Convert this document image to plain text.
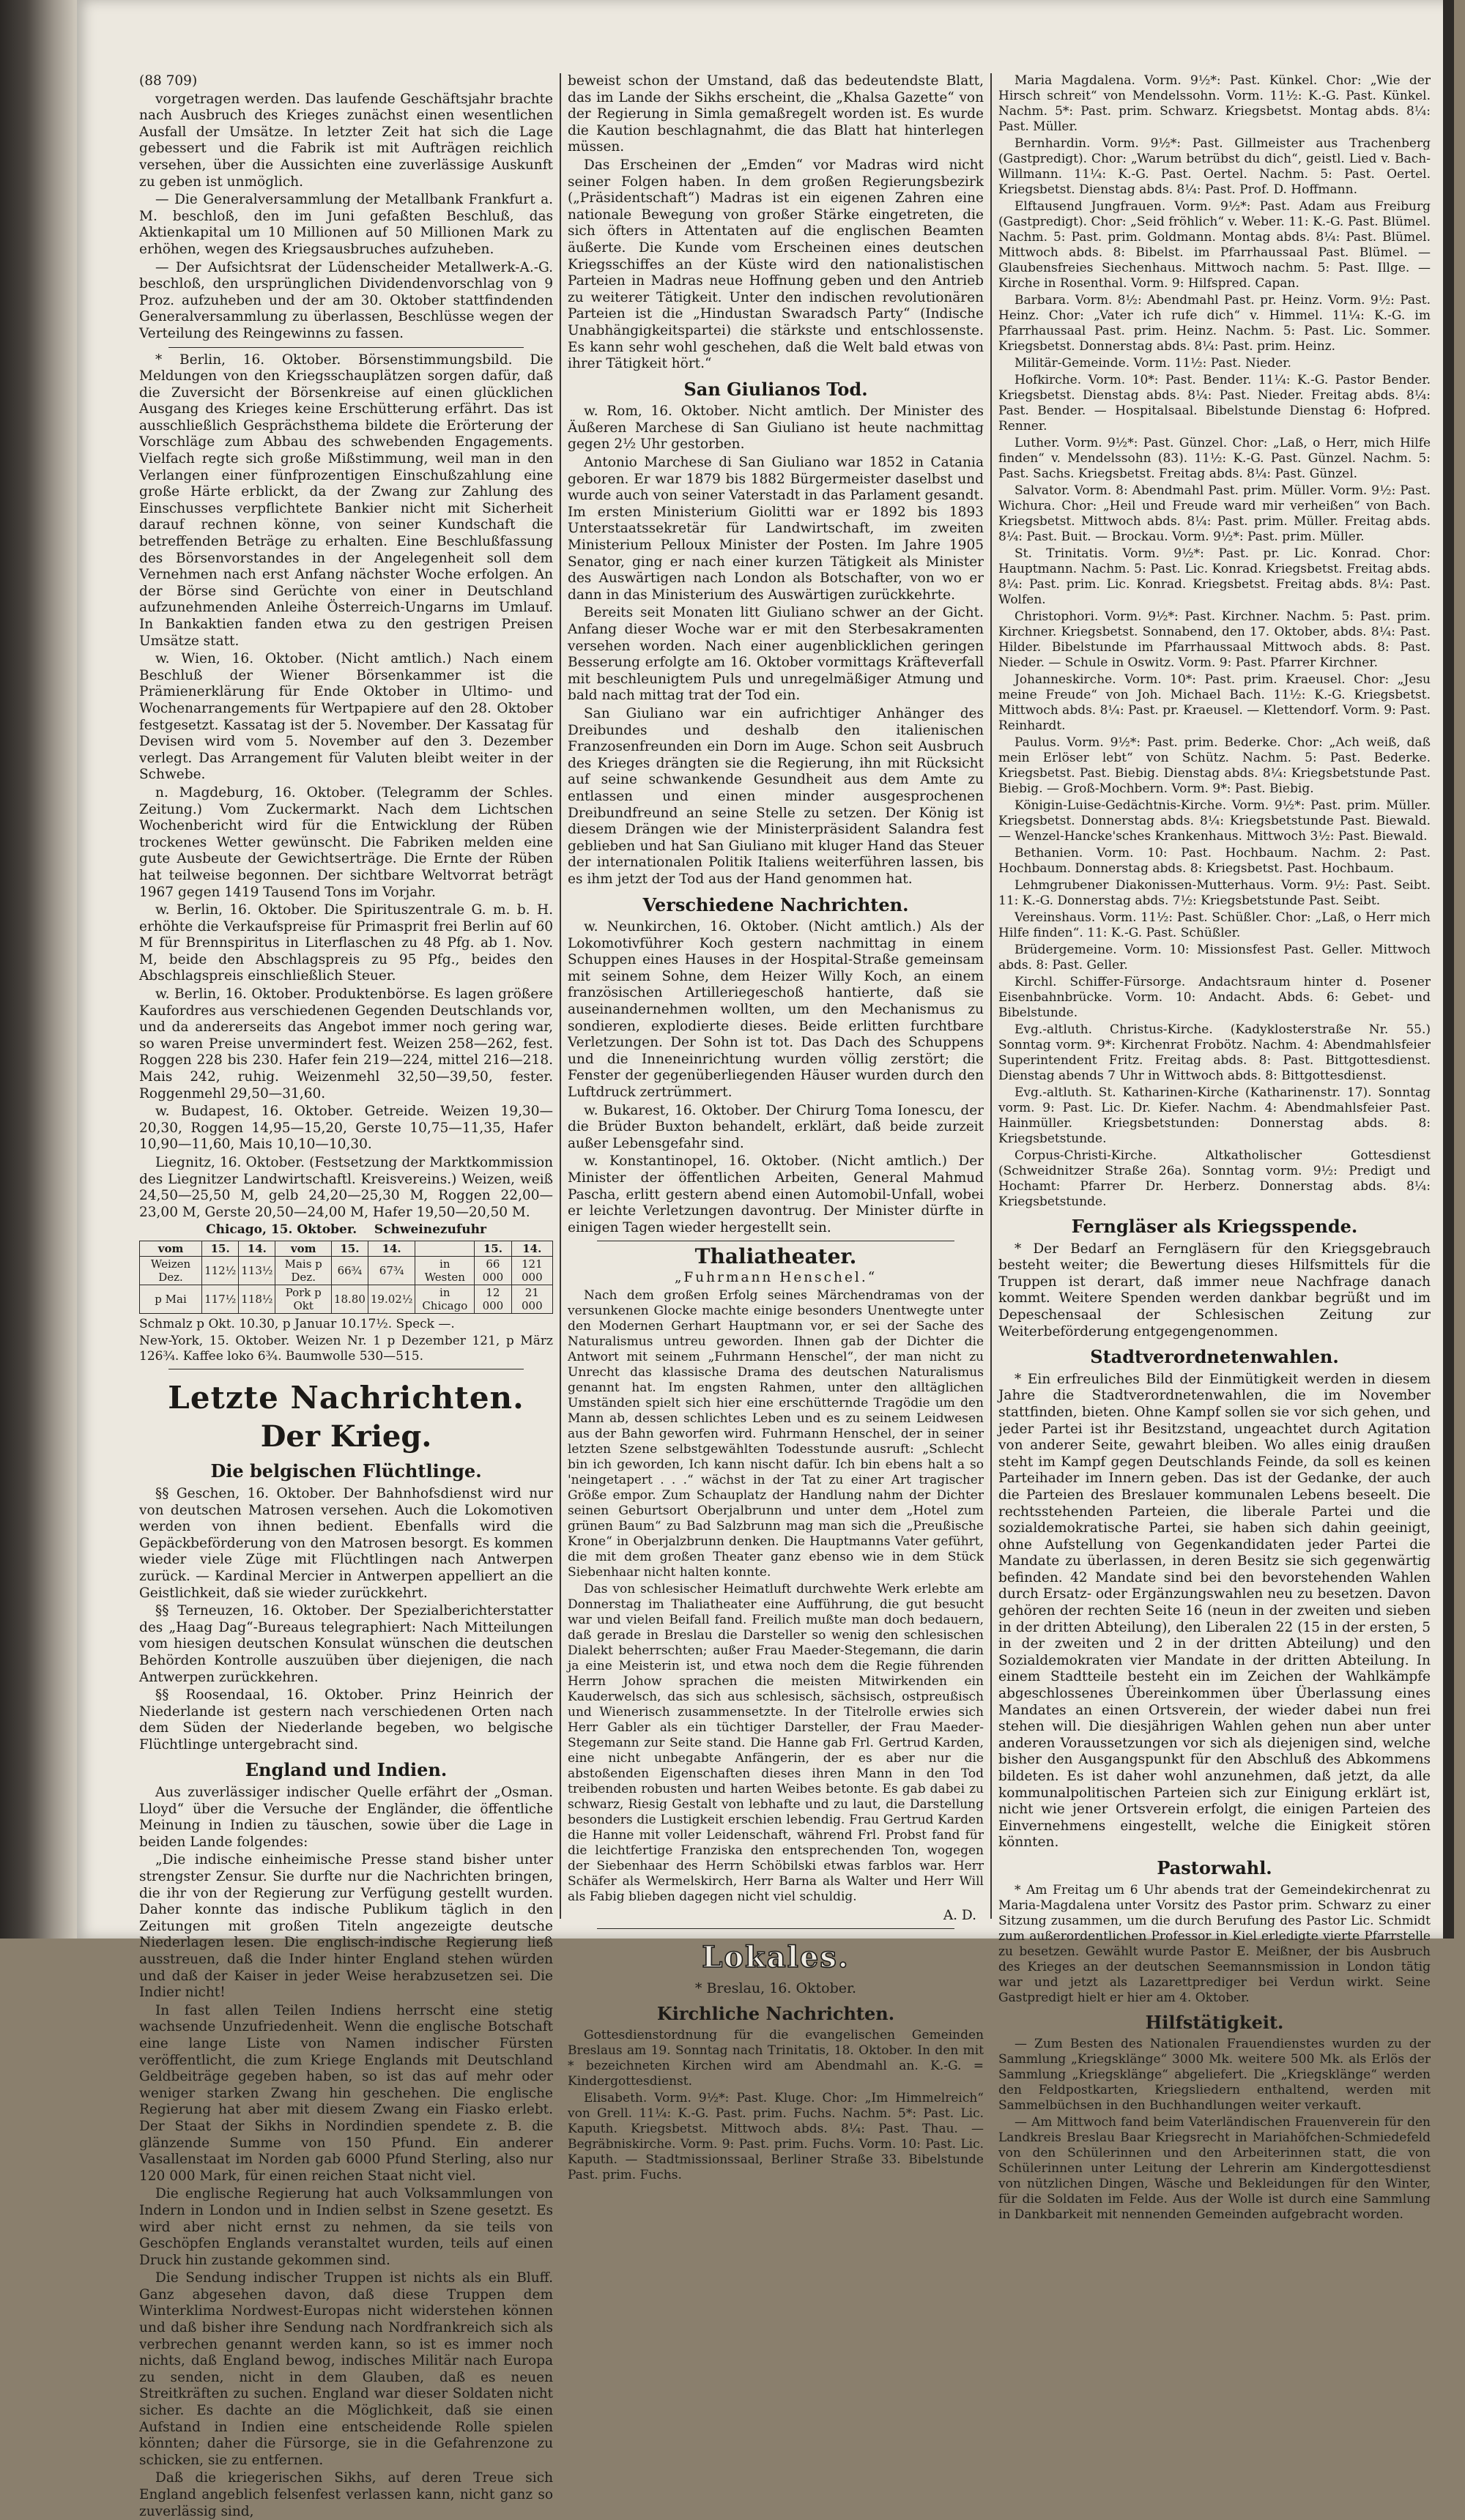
(88 709)

vorgetragen werden. Das laufende Geschäftsjahr brachte nach Ausbruch des Krieges zunächst einen wesentlichen Ausfall der Umsätze. In letzter Zeit hat sich die Lage gebessert und die Fabrik ist mit Aufträgen reichlich versehen, über die Aussichten eine zuverlässige Auskunft zu geben ist unmöglich.

— Die Generalversammlung der Metallbank Frankfurt a. M. beschloß, den im Juni gefaßten Beschluß, das Aktienkapital um 10 Millionen auf 50 Millionen Mark zu erhöhen, wegen des Kriegsausbruches aufzuheben.

— Der Aufsichtsrat der Lüdenscheider Metallwerk-A.-G. beschloß, den ursprünglichen Dividendenvorschlag von 9 Proz. aufzuheben und der am 30. Oktober stattfindenden Generalversammlung zu überlassen, Beschlüsse wegen der Verteilung des Reingewinns zu fassen.

* Berlin, 16. Oktober. Börsenstimmungsbild. Die Meldungen von den Kriegsschauplätzen sorgen dafür, daß die Zuversicht der Börsenkreise auf einen glücklichen Ausgang des Krieges keine Erschütterung erfährt. Das ist ausschließlich Gesprächsthema bildete die Erörterung der Vorschläge zum Abbau des schwebenden Engagements. Vielfach regte sich große Mißstimmung, weil man in den Verlangen einer fünfprozentigen Einschußzahlung eine große Härte erblickt, da der Zwang zur Zahlung des Einschusses verpflichtete Bankier nicht mit Sicherheit darauf rechnen könne, von seiner Kundschaft die betreffenden Beträge zu erhalten. Eine Beschlußfassung des Börsenvorstandes in der Angelegenheit soll dem Vernehmen nach erst Anfang nächster Woche erfolgen. An der Börse sind Gerüchte von einer in Deutschland aufzunehmenden Anleihe Österreich-Ungarns im Umlauf. In Bankaktien fanden etwa zu den gestrigen Preisen Umsätze statt.

w. Wien, 16. Oktober. (Nicht amtlich.) Nach einem Beschluß der Wiener Börsenkammer ist die Prämienerklärung für Ende Oktober in Ultimo- und Wochenarrangements für Wertpapiere auf den 28. Oktober festgesetzt. Kassatag ist der 5. November. Der Kassatag für Devisen wird vom 5. November auf den 3. Dezember verlegt. Das Arrangement für Valuten bleibt weiter in der Schwebe.

n. Magdeburg, 16. Oktober. (Telegramm der Schles. Zeitung.) Vom Zuckermarkt. Nach dem Lichtschen Wochenbericht wird für die Entwicklung der Rüben trockenes Wetter gewünscht. Die Fabriken melden eine gute Ausbeute der Gewichtserträge. Die Ernte der Rüben hat teilweise begonnen. Der sichtbare Weltvorrat beträgt 1967 gegen 1419 Tausend Tons im Vorjahr.

w. Berlin, 16. Oktober. Die Spirituszentrale G. m. b. H. erhöhte die Verkaufspreise für Primasprit frei Berlin auf 60 M für Brennspiritus in Literflaschen zu 48 Pfg. ab 1. Nov. M, beide den Abschlagspreis zu 95 Pfg., beides den Abschlagspreis einschließlich Steuer.

w. Berlin, 16. Oktober. Produktenbörse. Es lagen größere Kaufordres aus verschiedenen Gegenden Deutschlands vor, und da andererseits das Angebot immer noch gering war, so waren Preise unvermindert fest. Weizen 258—262, fest. Roggen 228 bis 230. Hafer fein 219—224, mittel 216—218. Mais 242, ruhig. Weizenmehl 32,50—39,50, fester. Roggenmehl 29,50—31,60.

w. Budapest, 16. Oktober. Getreide. Weizen 19,30—20,30, Roggen 14,95—15,20, Gerste 10,75—11,35, Hafer 10,90—11,60, Mais 10,10—10,30.

Liegnitz, 16. Oktober. (Festsetzung der Marktkommission des Liegnitzer Landwirtschaftl. Kreisvereins.) Weizen, weiß 24,50—25,50 M, gelb 24,20—25,30 M, Roggen 22,00—23,00 M, Gerste 20,50—24,00 M, Hafer 19,50—20,50 M.

Chicago, 15. Oktober. Schweinezufuhr

vom	15.	14.	vom	15.	14.		15.	14.
Weizen Dez.	112½	113½	Mais p Dez.	66¾	67¾	in Westen	66 000	121 000
p Mai	117½	118½	Pork p Okt	18.80	19.02½	in Chicago	12 000	21 000

Schmalz p Okt. 10.30, p Januar 10.17½. Speck —.

New-York, 15. Oktober. Weizen Nr. 1 p Dezember 121, p März 126¾. Kaffee loko 6¾. Baumwolle 530—515.

Letzte Nachrichten.
Der Krieg.
Die belgischen Flüchtlinge.

§§ Geschen, 16. Oktober. Der Bahnhofsdienst wird nur von deutschen Matrosen versehen. Auch die Lokomotiven werden von ihnen bedient. Ebenfalls wird die Gepäckbeförderung von den Matrosen besorgt. Es kommen wieder viele Züge mit Flüchtlingen nach Antwerpen zurück. — Kardinal Mercier in Antwerpen appelliert an die Geistlichkeit, daß sie wieder zurückkehrt.

§§ Terneuzen, 16. Oktober. Der Spezialberichterstatter des „Haag Dag“-Bureaus telegraphiert: Nach Mitteilungen vom hiesigen deutschen Konsulat wünschen die deutschen Behörden Kontrolle auszuüben über diejenigen, die nach Antwerpen zurückkehren.

§§ Roosendaal, 16. Oktober. Prinz Heinrich der Niederlande ist gestern nach verschiedenen Orten nach dem Süden der Niederlande begeben, wo belgische Flüchtlinge untergebracht sind.

England und Indien.

Aus zuverlässiger indischer Quelle erfährt der „Osman. Lloyd“ über die Versuche der Engländer, die öffentliche Meinung in Indien zu täuschen, sowie über die Lage in beiden Lande folgendes:

„Die indische einheimische Presse stand bisher unter strengster Zensur. Sie durfte nur die Nachrichten bringen, die ihr von der Regierung zur Verfügung gestellt wurden. Daher konnte das indische Publikum täglich in den Zeitungen mit großen Titeln angezeigte deutsche Niederlagen lesen. Die englisch-indische Regierung ließ ausstreuen, daß die Inder hinter England stehen würden und daß der Kaiser in jeder Weise herabzusetzen sei. Die Indier nicht!

In fast allen Teilen Indiens herrscht eine stetig wachsende Unzufriedenheit. Wenn die englische Botschaft eine lange Liste von Namen indischer Fürsten veröffentlicht, die zum Kriege Englands mit Deutschland Geldbeiträge gegeben haben, so ist das auf mehr oder weniger starken Zwang hin geschehen. Die englische Regierung hat aber mit diesem Zwang ein Fiasko erlebt. Der Staat der Sikhs in Nordindien spendete z. B. die glänzende Summe von 150 Pfund. Ein anderer Vasallenstaat im Norden gab 6000 Pfund Sterling, also nur 120 000 Mark, für einen reichen Staat nicht viel.

Die englische Regierung hat auch Volksammlungen von Indern in London und in Indien selbst in Szene gesetzt. Es wird aber nicht ernst zu nehmen, da sie teils von Geschöpfen Englands veranstaltet wurden, teils auf einen Druck hin zustande gekommen sind.

Die Sendung indischer Truppen ist nichts als ein Bluff. Ganz abgesehen davon, daß diese Truppen dem Winterklima Nordwest-Europas nicht widerstehen können und daß bisher ihre Sendung nach Nordfrankreich sich als verbrechen genannt werden kann, so ist es immer noch nichts, daß England bewog, indisches Militär nach Europa zu senden, nicht in dem Glauben, daß es neuen Streitkräften zu suchen. England war dieser Soldaten nicht sicher. Es dachte an die Möglichkeit, daß sie einen Aufstand in Indien eine entscheidende Rolle spielen könnten; daher die Fürsorge, sie in die Gefahrenzone zu schicken, sie zu entfernen.

Daß die kriegerischen Sikhs, auf deren Treue sich England angeblich felsenfest verlassen kann, nicht ganz so zuverlässig sind,

beweist schon der Umstand, daß das bedeutendste Blatt, das im Lande der Sikhs erscheint, die „Khalsa Gazette“ von der Regierung in Simla gemaßregelt worden ist. Es wurde die Kaution beschlagnahmt, die das Blatt hat hinterlegen müssen.

Das Erscheinen der „Emden“ vor Madras wird nicht seiner Folgen haben. In dem großen Regierungsbezirk („Präsidentschaft“) Madras ist ein eigenen Zahren eine nationale Bewegung von großer Stärke eingetreten, die sich öfters in Attentaten auf die englischen Beamten äußerte. Die Kunde vom Erscheinen eines deutschen Kriegsschiffes an der Küste wird den nationalistischen Parteien in Madras neue Hoffnung geben und den Antrieb zu weiterer Tätigkeit. Unter den indischen revolutionären Parteien ist die „Hindustan Swaradsch Party“ (Indische Unabhängigkeitspartei) die stärkste und entschlossenste. Es kann sehr wohl geschehen, daß die Welt bald etwas von ihrer Tätigkeit hört.“

San Giulianos Tod.

w. Rom, 16. Oktober. Nicht amtlich. Der Minister des Äußeren Marchese di San Giuliano ist heute nachmittag gegen 2½ Uhr gestorben.

Antonio Marchese di San Giuliano war 1852 in Catania geboren. Er war 1879 bis 1882 Bürgermeister daselbst und wurde auch von seiner Vaterstadt in das Parlament gesandt. Im ersten Ministerium Giolitti war er 1892 bis 1893 Unterstaatssekretär für Landwirtschaft, im zweiten Ministerium Pelloux Minister der Posten. Im Jahre 1905 Senator, ging er nach einer kurzen Tätigkeit als Minister des Auswärtigen nach London als Botschafter, von wo er dann in das Ministerium des Auswärtigen zurückkehrte.

Bereits seit Monaten litt Giuliano schwer an der Gicht. Anfang dieser Woche war er mit den Sterbesakramenten versehen worden. Nach einer augenblicklichen geringen Besserung erfolgte am 16. Oktober vormittags Kräfteverfall mit beschleunigtem Puls und unregelmäßiger Atmung und bald nach mittag trat der Tod ein.

San Giuliano war ein aufrichtiger Anhänger des Dreibundes und deshalb den italienischen Franzosenfreunden ein Dorn im Auge. Schon seit Ausbruch des Krieges drängten sie die Regierung, ihn mit Rücksicht auf seine schwankende Gesundheit aus dem Amte zu entlassen und einen minder ausgesprochenen Dreibundfreund an seine Stelle zu setzen. Der König ist diesem Drängen wie der Ministerpräsident Salandra fest geblieben und hat San Giuliano mit kluger Hand das Steuer der internationalen Politik Italiens weiterführen lassen, bis es ihm jetzt der Tod aus der Hand genommen hat.

Verschiedene Nachrichten.

w. Neunkirchen, 16. Oktober. (Nicht amtlich.) Als der Lokomotivführer Koch gestern nachmittag in einem Schuppen eines Hauses in der Hospital-Straße gemeinsam mit seinem Sohne, dem Heizer Willy Koch, an einem französischen Artilleriegeschoß hantierte, daß sie auseinandernehmen wollten, um den Mechanismus zu sondieren, explodierte dieses. Beide erlitten furchtbare Verletzungen. Der Sohn ist tot. Das Dach des Schuppens und die Inneneinrichtung wurden völlig zerstört; die Fenster der gegenüberliegenden Häuser wurden durch den Luftdruck zertrümmert.

w. Bukarest, 16. Oktober. Der Chirurg Toma Ionescu, der die Brüder Buxton behandelt, erklärt, daß beide zurzeit außer Lebensgefahr sind.

w. Konstantinopel, 16. Oktober. (Nicht amtlich.) Der Minister der öffentlichen Arbeiten, General Mahmud Pascha, erlitt gestern abend einen Automobil-Unfall, wobei er leichte Verletzungen davontrug. Der Minister dürfte in einigen Tagen wieder hergestellt sein.

Thaliatheater.

„Fuhrmann Henschel.“

Nach dem großen Erfolg seines Märchendramas von der versunkenen Glocke machte einige besonders Unentwegte unter den Modernen Gerhart Hauptmann vor, er sei der Sache des Naturalismus untreu geworden. Ihnen gab der Dichter die Antwort mit seinem „Fuhrmann Henschel“, der man nicht zu Unrecht das klassische Drama des deutschen Naturalismus genannt hat. Im engsten Rahmen, unter den alltäglichen Umständen spielt sich hier eine erschütternde Tragödie um den Mann ab, dessen schlichtes Leben und es zu seinem Leidwesen aus der Bahn geworfen wird. Fuhrmann Henschel, der in seiner letzten Szene selbstgewählten Todesstunde ausruft: „Schlecht bin ich geworden, Ich kann nischt dafür. Ich bin ebens halt a so 'neingetapert . . .“ wächst in der Tat zu einer Art tragischer Größe empor. Zum Schauplatz der Handlung nahm der Dichter seinen Geburtsort Oberjalbrunn und unter dem „Hotel zum grünen Baum“ zu Bad Salzbrunn mag man sich die „Preußische Krone“ in Oberjalzbrunn denken. Die Hauptmanns Vater geführt, die mit dem großen Theater ganz ebenso wie in dem Stück Siebenhaar nicht halten konnte.

Das von schlesischer Heimatluft durchwehte Werk erlebte am Donnerstag im Thaliatheater eine Aufführung, die gut besucht war und vielen Beifall fand. Freilich mußte man doch bedauern, daß gerade in Breslau die Darsteller so wenig den schlesischen Dialekt beherrschten; außer Frau Maeder-Stegemann, die darin ja eine Meisterin ist, und etwa noch dem die Regie führenden Herrn Johow sprachen die meisten Mitwirkenden ein Kauderwelsch, das sich aus schlesisch, sächsisch, ostpreußisch und Wienerisch zusammensetzte. In der Titelrolle erwies sich Herr Gabler als ein tüchtiger Darsteller, der Frau Maeder-Stegemann zur Seite stand. Die Hanne gab Frl. Gertrud Karden, eine nicht unbegabte Anfängerin, der es aber nur die abstoßenden Eigenschaften dieses ihren Mann in den Tod treibenden robusten und harten Weibes betonte. Es gab dabei zu schwarz, Riesig Gestalt von lebhafte und zu laut, die Darstellung besonders die Lustigkeit erschien lebendig. Frau Gertrud Karden die Hanne mit voller Leidenschaft, während Frl. Probst fand für die leichtfertige Franziska den entsprechenden Ton, wogegen der Siebenhaar des Herrn Schöbilski etwas farblos war. Herr Schäfer als Wermelskirch, Herr Barna als Walter und Herr Will als Fabig blieben dagegen nicht viel schuldig.

A. D.

Lokales.

* Breslau, 16. Oktober.

Kirchliche Nachrichten.

Gottesdienstordnung für die evangelischen Gemeinden Breslaus am 19. Sonntag nach Trinitatis, 18. Oktober. In den mit * bezeichneten Kirchen wird am Abendmahl an. K.-G. = Kindergottesdienst.

Elisabeth. Vorm. 9½*: Past. Kluge. Chor: „Im Himmelreich“ von Grell. 11¼: K.-G. Past. prim. Fuchs. Nachm. 5*: Past. Lic. Kaputh. Kriegsbetst. Mittwoch abds. 8¼: Past. Thau. — Begräbniskirche. Vorm. 9: Past. prim. Fuchs. Vorm. 10: Past. Lic. Kaputh. — Stadtmissionssaal, Berliner Straße 33. Bibelstunde Past. prim. Fuchs.

Maria Magdalena. Vorm. 9½*: Past. Künkel. Chor: „Wie der Hirsch schreit“ von Mendelssohn. Vorm. 11½: K.-G. Past. Künkel. Nachm. 5*: Past. prim. Schwarz. Kriegsbetst. Montag abds. 8¼: Past. Müller.

Bernhardin. Vorm. 9½*: Past. Gillmeister aus Trachenberg (Gastpredigt). Chor: „Warum betrübst du dich“, geistl. Lied v. Bach-Willmann. 11¼: K.-G. Past. Oertel. Nachm. 5: Past. Oertel. Kriegsbetst. Dienstag abds. 8¼: Past. Prof. D. Hoffmann.

Elftausend Jungfrauen. Vorm. 9½*: Past. Adam aus Freiburg (Gastpredigt). Chor: „Seid fröhlich“ v. Weber. 11: K.-G. Past. Blümel. Nachm. 5: Past. prim. Goldmann. Montag abds. 8¼: Past. Blümel. Mittwoch abds. 8: Bibelst. im Pfarrhaussaal Past. Blümel. — Glaubensfreies Siechenhaus. Mittwoch nachm. 5: Past. Illge. — Kirche in Rosenthal. Vorm. 9: Hilfspred. Capan.

Barbara. Vorm. 8½: Abendmahl Past. pr. Heinz. Vorm. 9½: Past. Heinz. Chor: „Vater ich rufe dich“ v. Himmel. 11¼: K.-G. im Pfarrhaussaal Past. prim. Heinz. Nachm. 5: Past. Lic. Sommer. Kriegsbetst. Donnerstag abds. 8¼: Past. prim. Heinz.

Militär-Gemeinde. Vorm. 11½: Past. Nieder.

Hofkirche. Vorm. 10*: Past. Bender. 11¼: K.-G. Pastor Bender. Kriegsbetst. Dienstag abds. 8¼: Past. Nieder. Freitag abds. 8¼: Past. Bender. — Hospitalsaal. Bibelstunde Dienstag 6: Hofpred. Renner.

Luther. Vorm. 9½*: Past. Günzel. Chor: „Laß, o Herr, mich Hilfe finden“ v. Mendelssohn (83). 11½: K.-G. Past. Günzel. Nachm. 5: Past. Sachs. Kriegsbetst. Freitag abds. 8¼: Past. Günzel.

Salvator. Vorm. 8: Abendmahl Past. prim. Müller. Vorm. 9½: Past. Wichura. Chor: „Heil und Freude ward mir verheißen“ von Bach. Kriegsbetst. Mittwoch abds. 8¼: Past. prim. Müller. Freitag abds. 8¼: Past. Buit. — Brockau. Vorm. 9½*: Past. prim. Müller.

St. Trinitatis. Vorm. 9½*: Past. pr. Lic. Konrad. Chor: Hauptmann. Nachm. 5: Past. Lic. Konrad. Kriegsbetst. Freitag abds. 8¼: Past. prim. Lic. Konrad. Kriegsbetst. Freitag abds. 8¼: Past. Wolfen.

Christophori. Vorm. 9½*: Past. Kirchner. Nachm. 5: Past. prim. Kirchner. Kriegsbetst. Sonnabend, den 17. Oktober, abds. 8¼: Past. Hilder. Bibelstunde im Pfarrhaussaal Mittwoch abds. 8: Past. Nieder. — Schule in Oswitz. Vorm. 9: Past. Pfarrer Kirchner.

Johanneskirche. Vorm. 10*: Past. prim. Kraeusel. Chor: „Jesu meine Freude“ von Joh. Michael Bach. 11½: K.-G. Kriegsbetst. Mittwoch abds. 8¼: Past. pr. Kraeusel. — Klettendorf. Vorm. 9: Past. Reinhardt.

Paulus. Vorm. 9½*: Past. prim. Bederke. Chor: „Ach weiß, daß mein Erlöser lebt“ von Schütz. Nachm. 5: Past. Bederke. Kriegsbetst. Past. Biebig. Dienstag abds. 8¼: Kriegsbetstunde Past. Biebig. — Groß-Mochbern. Vorm. 9*: Past. Biebig.

Königin-Luise-Gedächtnis-Kirche. Vorm. 9½*: Past. prim. Müller. Kriegsbetst. Donnerstag abds. 8¼: Kriegsbetstunde Past. Biewald. — Wenzel-Hancke'sches Krankenhaus. Mittwoch 3½: Past. Biewald.

Bethanien. Vorm. 10: Past. Hochbaum. Nachm. 2: Past. Hochbaum. Donnerstag abds. 8: Kriegsbetst. Past. Hochbaum.

Lehmgrubener Diakonissen-Mutterhaus. Vorm. 9½: Past. Seibt. 11: K.-G. Donnerstag abds. 7½: Kriegsbetstunde Past. Seibt.

Vereinshaus. Vorm. 11½: Past. Schüßler. Chor: „Laß, o Herr mich Hilfe finden“. 11: K.-G. Past. Schüßler.

Brüdergemeine. Vorm. 10: Missionsfest Past. Geller. Mittwoch abds. 8: Past. Geller.

Kirchl. Schiffer-Fürsorge. Andachtsraum hinter d. Posener Eisenbahnbrücke. Vorm. 10: Andacht. Abds. 6: Gebet- und Bibelstunde.

Evg.-altluth. Christus-Kirche. (Kadyklosterstraße Nr. 55.) Sonntag vorm. 9*: Kirchenrat Frobötz. Nachm. 4: Abendmahlsfeier Superintendent Fritz. Freitag abds. 8: Past. Bittgottesdienst. Dienstag abends 7 Uhr in Wittwoch abds. 8: Bittgottesdienst.

Evg.-altluth. St. Katharinen-Kirche (Katharinenstr. 17). Sonntag vorm. 9: Past. Lic. Dr. Kiefer. Nachm. 4: Abendmahlsfeier Past. Hainmüller. Kriegsbetstunden: Donnerstag abds. 8: Kriegsbetstunde.

Corpus-Christi-Kirche. Altkatholischer Gottesdienst (Schweidnitzer Straße 26a). Sonntag vorm. 9½: Predigt und Hochamt: Pfarrer Dr. Herberz. Donnerstag abds. 8¼: Kriegsbetstunde.

Ferngläser als Kriegsspende.

* Der Bedarf an Ferngläsern für den Kriegsgebrauch besteht weiter; die Bewertung dieses Hilfsmittels für die Truppen ist derart, daß immer neue Nachfrage danach kommt. Weitere Spenden werden dankbar begrüßt und im Depeschensaal der Schlesischen Zeitung zur Weiterbeförderung entgegengenommen.

Stadtverordnetenwahlen.

* Ein erfreuliches Bild der Einmütigkeit werden in diesem Jahre die Stadtverordnetenwahlen, die im November stattfinden, bieten. Ohne Kampf sollen sie vor sich gehen, und jeder Partei ist ihr Besitzstand, ungeachtet durch Agitation von anderer Seite, gewahrt bleiben. Wo alles einig draußen steht im Kampf gegen Deutschlands Feinde, da soll es keinen Parteihader im Innern geben. Das ist der Gedanke, der auch die Parteien des Breslauer kommunalen Lebens beseelt. Die rechtsstehenden Parteien, die liberale Partei und die sozialdemokratische Partei, sie haben sich dahin geeinigt, ohne Aufstellung von Gegenkandidaten jeder Partei die Mandate zu überlassen, in deren Besitz sie sich gegenwärtig befinden. 42 Mandate sind bei den bevorstehenden Wahlen durch Ersatz- oder Ergänzungswahlen neu zu besetzen. Davon gehören der rechten Seite 16 (neun in der zweiten und sieben in der dritten Abteilung), den Liberalen 22 (15 in der ersten, 5 in der zweiten und 2 in der dritten Abteilung) und den Sozialdemokraten vier Mandate in der dritten Abteilung. In einem Stadtteile besteht ein im Zeichen der Wahlkämpfe abgeschlossenes Übereinkommen über Überlassung eines Mandates an einen Ortsverein, der wieder dabei nun frei stehen will. Die diesjährigen Wahlen gehen nun aber unter anderen Voraussetzungen vor sich als diejenigen sind, welche bisher den Ausgangspunkt für den Abschluß des Abkommens bildeten. Es ist daher wohl anzunehmen, daß jetzt, da alle kommunalpolitischen Parteien sich zur Einigung erklärt ist, nicht wie jener Ortsverein erfolgt, die einigen Parteien des Einvernehmens eingestellt, welche die Einigkeit stören könnten.

Pastorwahl.

* Am Freitag um 6 Uhr abends trat der Gemeindekirchenrat zu Maria-Magdalena unter Vorsitz des Pastor prim. Schwarz zu einer Sitzung zusammen, um die durch Berufung des Pastor Lic. Schmidt zum außerordentlichen Professor in Kiel erledigte vierte Pfarrstelle zu besetzen. Gewählt wurde Pastor E. Meißner, der bis Ausbruch des Krieges an der deutschen Seemannsmission in London tätig war und jetzt als Lazarettprediger bei Verdun wirkt. Seine Gastpredigt hielt er hier am 4. Oktober.

Hilfstätigkeit.

— Zum Besten des Nationalen Frauendienstes wurden zu der Sammlung „Kriegsklänge“ 3000 Mk. weitere 500 Mk. als Erlös der Sammlung „Kriegsklänge“ abgeliefert. Die „Kriegsklänge“ werden den Feldpostkarten, Kriegsliedern enthaltend, werden mit Sammelbüchsen in den Buchhandlungen weiter verkauft.

— Am Mittwoch fand beim Vaterländischen Frauenverein für den Landkreis Breslau Baar Kriegsrecht in Mariahöfchen-Schmiedefeld von den Schülerinnen und den Arbeiterinnen statt, die von Schülerinnen unter Leitung der Lehrerin am Kindergottesdienst von nützlichen Dingen, Wäsche und Bekleidungen für den Winter, für die Soldaten im Felde. Aus der Wolle ist durch eine Sammlung in Dankbarkeit mit nennenden Gemeinden aufgebracht worden.
